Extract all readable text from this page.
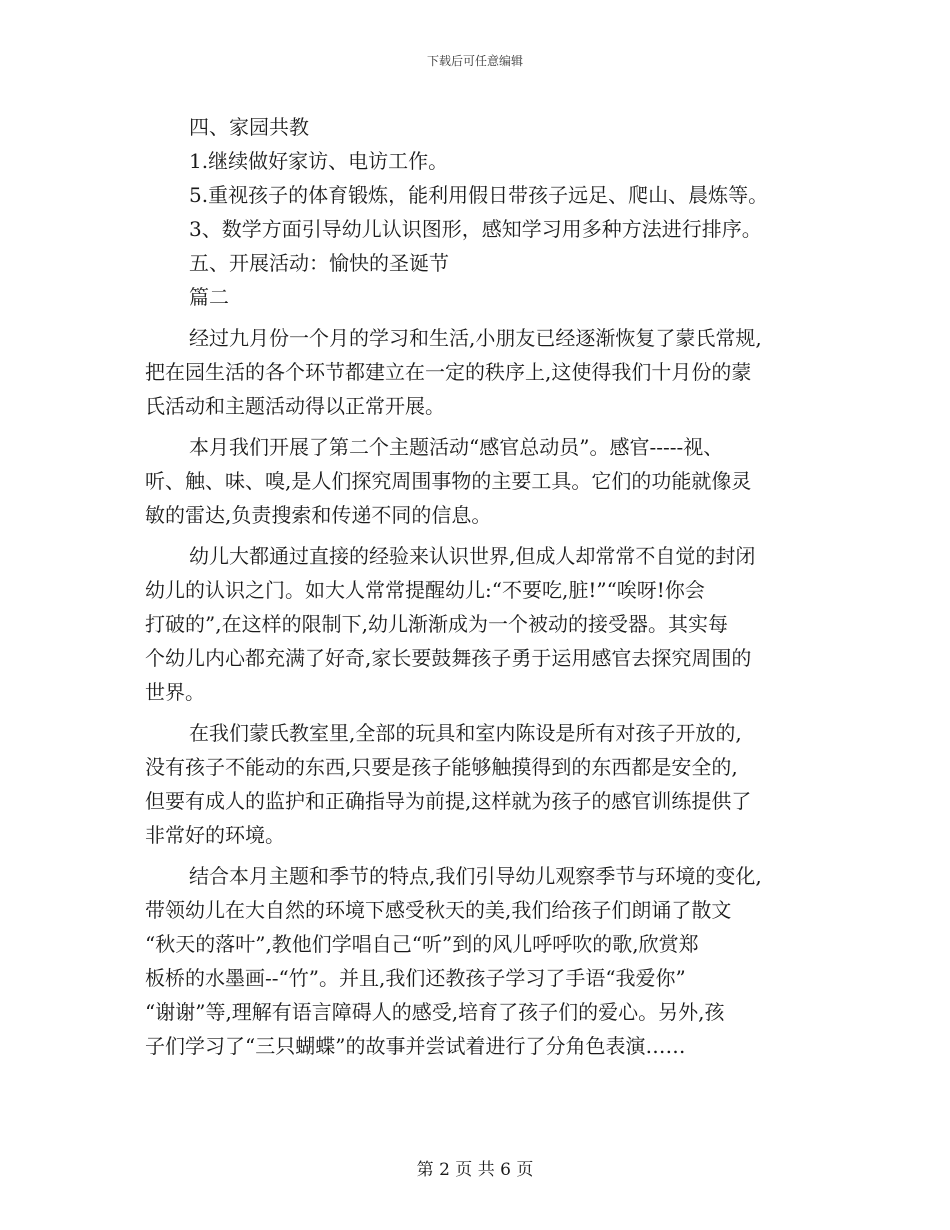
下载后可任意编辑
四、家园共教
1.继续做好家访、电访工作。
5.重视孩子的体育锻炼，能利用假日带孩子远足、爬山、晨炼等。
3、数学方面引导幼儿认识图形，感知学习用多种方法进行排序。
五、开展活动：愉快的圣诞节
篇二
经过九月份一个月的学习和生活,小朋友已经逐渐恢复了蒙氏常规,
把在园生活的各个环节都建立在一定的秩序上,这使得我们十月份的蒙
氏活动和主题活动得以正常开展。
本月我们开展了第二个主题活动“感官总动员”。感官-----视、
听、触、味、嗅,是人们探究周围事物的主要工具。它们的功能就像灵
敏的雷达,负责搜索和传递不同的信息。
幼儿大都通过直接的经验来认识世界,但成人却常常不自觉的封闭
幼儿的认识之门。如大人常常提醒幼儿:“不要吃,脏!”“唉呀!你会
打破的”,在这样的限制下,幼儿渐渐成为一个被动的接受器。其实每
个幼儿内心都充满了好奇,家长要鼓舞孩子勇于运用感官去探究周围的
世界。
在我们蒙氏教室里,全部的玩具和室内陈设是所有对孩子开放的,
没有孩子不能动的东西,只要是孩子能够触摸得到的东西都是安全的,
但要有成人的监护和正确指导为前提,这样就为孩子的感官训练提供了
非常好的环境。
结合本月主题和季节的特点,我们引导幼儿观察季节与环境的变化,
带领幼儿在大自然的环境下感受秋天的美,我们给孩子们朗诵了散文
“秋天的落叶”,教他们学唱自己“听”到的风儿呼呼吹的歌,欣赏郑
板桥的水墨画--“竹”。并且,我们还教孩子学习了手语“我爱你”
“谢谢”等,理解有语言障碍人的感受,培育了孩子们的爱心。另外,孩
子们学习了“三只蝴蝶”的故事并尝试着进行了分角色表演……
第 2 页 共 6 页
